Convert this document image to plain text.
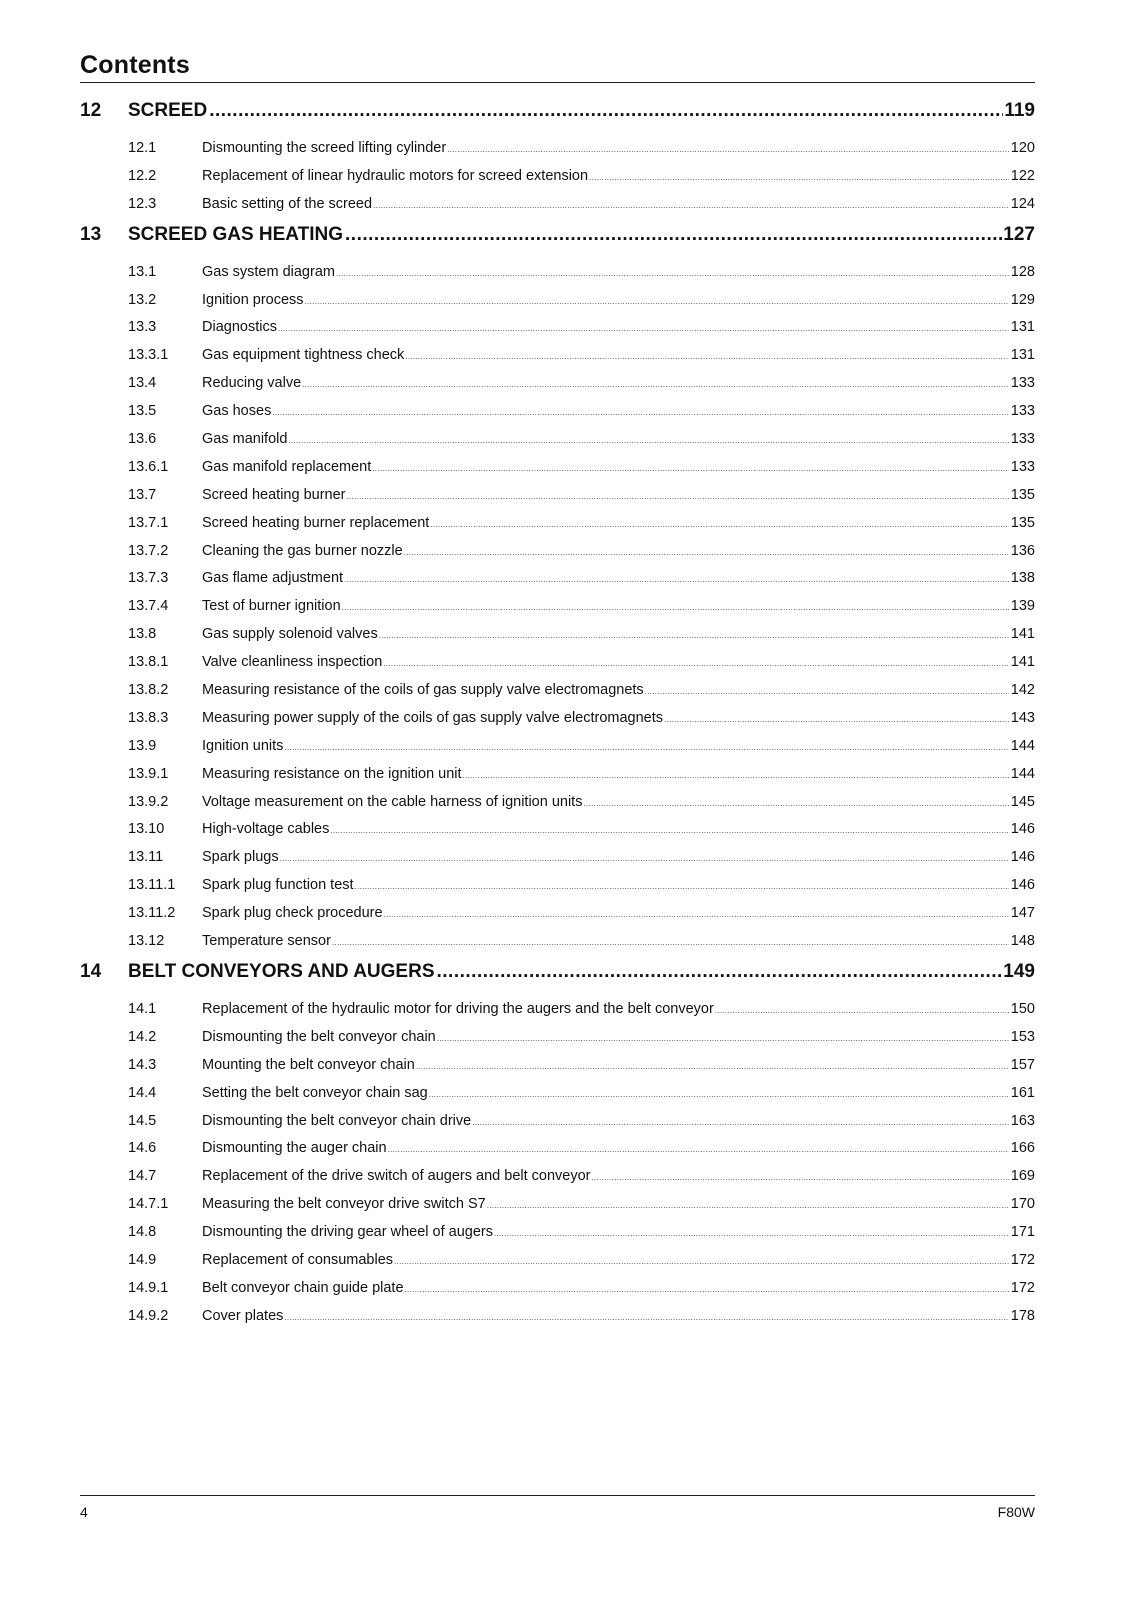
Contents
12	SCREED .....	119
12.1	Dismounting the screed lifting cylinder .....	120
12.2	Replacement of linear hydraulic motors for screed extension .....	122
12.3	Basic setting of the screed .....	124
13	SCREED GAS HEATING .....	127
13.1	Gas system diagram .....	128
13.2	Ignition process .....	129
13.3	Diagnostics .....	131
13.3.1	Gas equipment tightness check .....	131
13.4	Reducing valve .....	133
13.5	Gas hoses .....	133
13.6	Gas manifold .....	133
13.6.1	Gas manifold replacement .....	133
13.7	Screed heating burner .....	135
13.7.1	Screed heating burner replacement .....	135
13.7.2	Cleaning the gas burner nozzle .....	136
13.7.3	Gas flame adjustment .....	138
13.7.4	Test of burner ignition .....	139
13.8	Gas supply solenoid valves .....	141
13.8.1	Valve cleanliness inspection .....	141
13.8.2	Measuring resistance of the coils of gas supply valve electromagnets .....	142
13.8.3	Measuring power supply of the coils of gas supply valve electromagnets .....	143
13.9	Ignition units .....	144
13.9.1	Measuring resistance on the ignition unit .....	144
13.9.2	Voltage measurement on the cable harness of ignition units .....	145
13.10	High-voltage cables .....	146
13.11	Spark plugs .....	146
13.11.1	Spark plug function test .....	146
13.11.2	Spark plug check procedure .....	147
13.12	Temperature sensor .....	148
14	BELT CONVEYORS AND AUGERS .....	149
14.1	Replacement of the hydraulic motor for driving the augers and the belt conveyor .....	150
14.2	Dismounting the belt conveyor chain .....	153
14.3	Mounting the belt conveyor chain .....	157
14.4	Setting the belt conveyor chain sag .....	161
14.5	Dismounting the belt conveyor chain drive .....	163
14.6	Dismounting the auger chain .....	166
14.7	Replacement of the drive switch of augers and belt conveyor .....	169
14.7.1	Measuring the belt conveyor drive switch S7 .....	170
14.8	Dismounting the driving gear wheel of augers .....	171
14.9	Replacement of consumables .....	172
14.9.1	Belt conveyor chain guide plate .....	172
14.9.2	Cover plates .....	178
4	F80W
